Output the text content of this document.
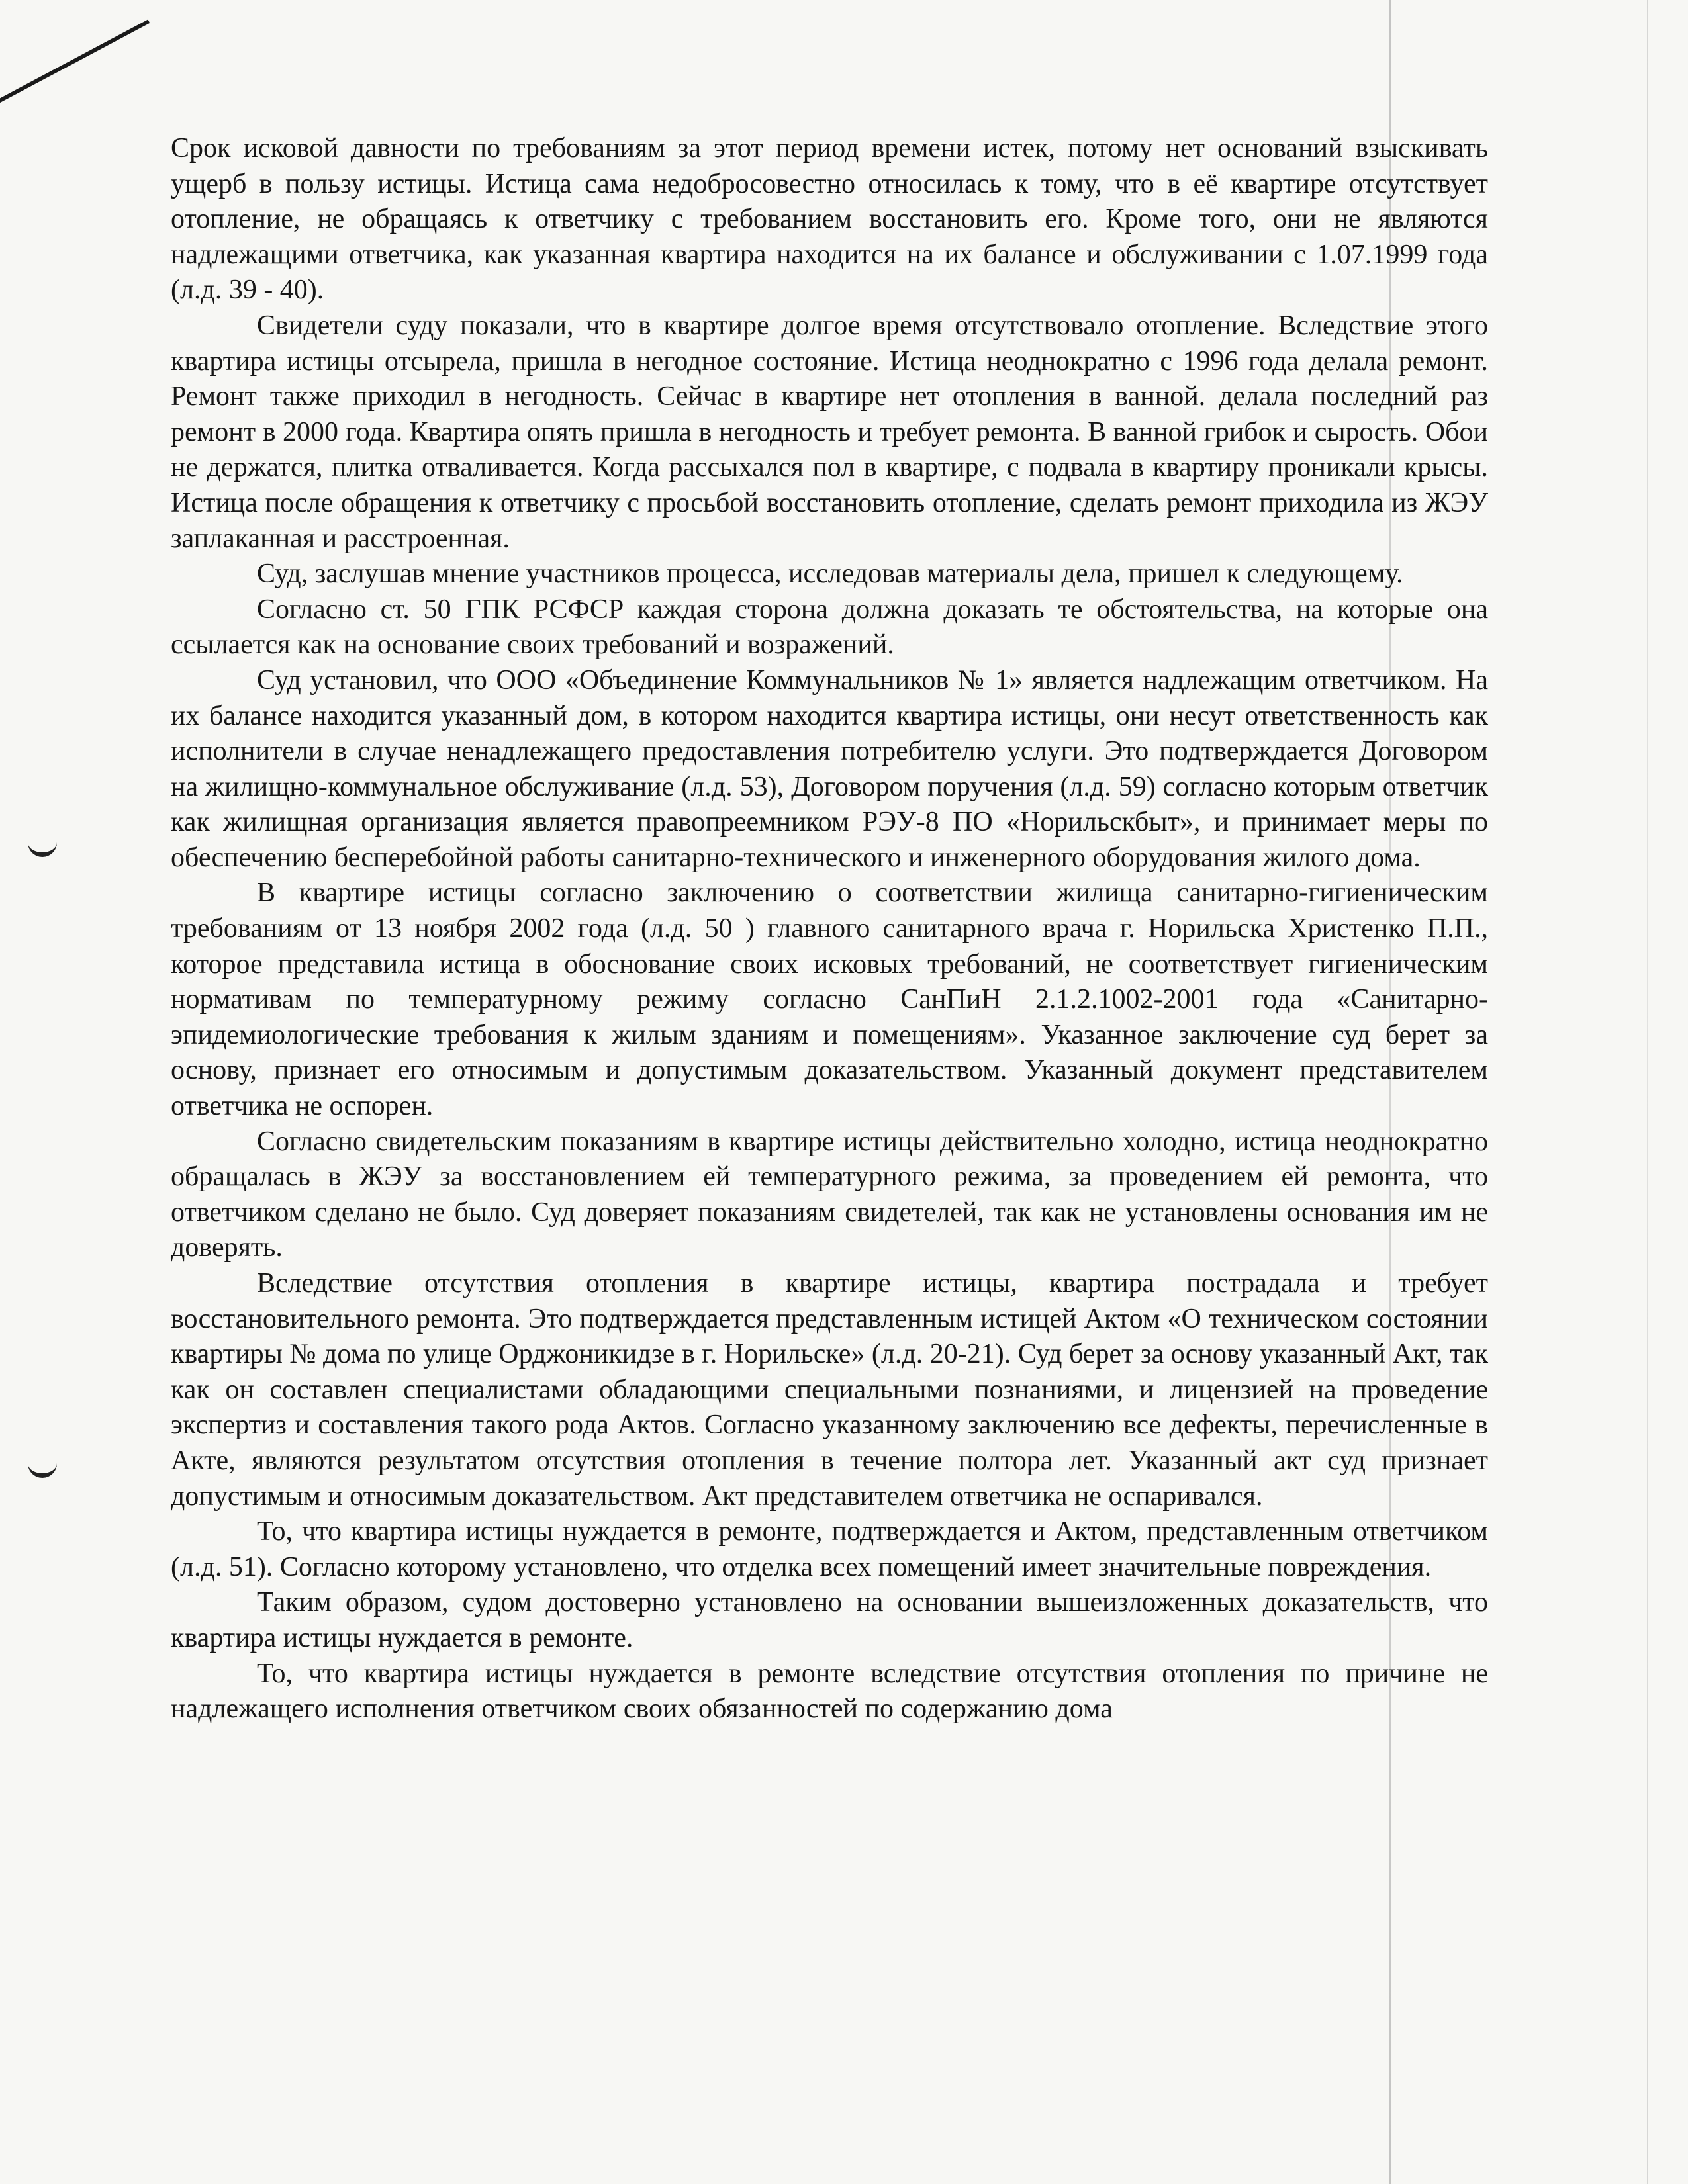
Срок исковой давности по требованиям за этот период времени истек, потому нет оснований взыскивать ущерб в пользу истицы. Истица сама недобросовестно относилась к тому, что в её квартире отсутствует отопление, не обращаясь к ответчику с требованием восстановить его. Кроме того, они не являются надлежащими ответчика, как указанная квартира находится на их балансе и обслуживании с 1.07.1999 года (л.д. 39 - 40).

Свидетели суду показали, что в квартире долгое время отсутствовало отопление. Вследствие этого квартира истицы отсырела, пришла в негодное состояние. Истица неоднократно с 1996 года делала ремонт. Ремонт также приходил в негодность. Сейчас в квартире нет отопления в ванной. делала последний раз ремонт в 2000 года. Квартира опять пришла в негодность и требует ремонта. В ванной грибок и сырость. Обои не держатся, плитка отваливается. Когда рассыхался пол в квартире, с подвала в квартиру проникали крысы. Истица после обращения к ответчику с просьбой восстановить отопление, сделать ремонт приходила из ЖЭУ заплаканная и расстроенная.

Суд, заслушав мнение участников процесса, исследовав материалы дела, пришел к следующему.

Согласно ст. 50 ГПК РСФСР каждая сторона должна доказать те обстоятельства, на которые она ссылается как на основание своих требований и возражений.

Суд установил, что ООО «Объединение Коммунальников № 1» является надлежащим ответчиком. На их балансе находится указанный дом, в котором находится квартира истицы, они несут ответственность как исполнители в случае ненадлежащего предоставления потребителю услуги. Это подтверждается Договором на жилищно-коммунальное обслуживание (л.д. 53), Договором поручения (л.д. 59) согласно которым ответчик как жилищная организация является правопреемником РЭУ-8 ПО «Норильскбыт», и принимает меры по обеспечению бесперебойной работы санитарно-технического и инженерного оборудования жилого дома.

В квартире истицы согласно заключению о соответствии жилища санитарно-гигиеническим требованиям от 13 ноября 2002 года (л.д. 50 ) главного санитарного врача г. Норильска Христенко П.П., которое представила истица в обоснование своих исковых требований, не соответствует гигиеническим нормативам по температурному режиму согласно СанПиН 2.1.2.1002-2001 года «Санитарно-эпидемиологические требования к жилым зданиям и помещениям». Указанное заключение суд берет за основу, признает его относимым и допустимым доказательством. Указанный документ представителем ответчика не оспорен.

Согласно свидетельским показаниям в квартире истицы действительно холодно, истица неоднократно обращалась в ЖЭУ за восстановлением ей температурного режима, за проведением ей ремонта, что ответчиком сделано не было. Суд доверяет показаниям свидетелей, так как не установлены основания им не доверять.

Вследствие отсутствия отопления в квартире истицы, квартира пострадала и требует восстановительного ремонта. Это подтверждается представленным истицей Актом «О техническом состоянии квартиры № дома по улице Орджоникидзе в г. Норильске» (л.д. 20-21). Суд берет за основу указанный Акт, так как он составлен специалистами обладающими специальными познаниями, и лицензией на проведение экспертиз и составления такого рода Актов. Согласно указанному заключению все дефекты, перечисленные в Акте, являются результатом отсутствия отопления в течение полтора лет. Указанный акт суд признает допустимым и относимым доказательством. Акт представителем ответчика не оспаривался.

То, что квартира истицы нуждается в ремонте, подтверждается и Актом, представленным ответчиком (л.д. 51). Согласно которому установлено, что отделка всех помещений имеет значительные повреждения.

Таким образом, судом достоверно установлено на основании вышеизложенных доказательств, что квартира истицы нуждается в ремонте.

То, что квартира истицы нуждается в ремонте вследствие отсутствия отопления по причине не надлежащего исполнения ответчиком своих обязанностей по содержанию дома
